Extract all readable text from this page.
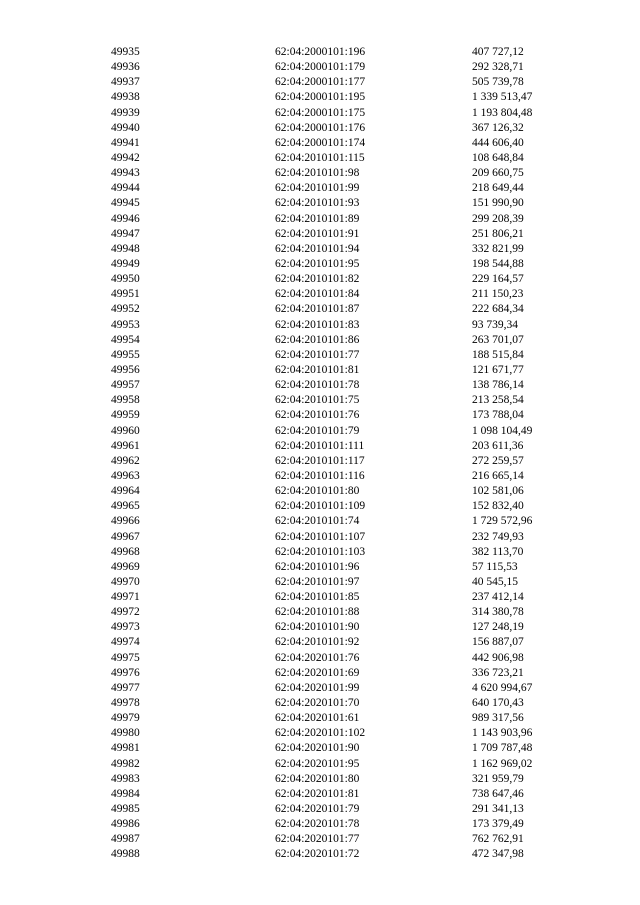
49935	62:04:2000101:196	407 727,12
49936	62:04:2000101:179	292 328,71
49937	62:04:2000101:177	505 739,78
49938	62:04:2000101:195	1 339 513,47
49939	62:04:2000101:175	1 193 804,48
49940	62:04:2000101:176	367 126,32
49941	62:04:2000101:174	444 606,40
49942	62:04:2010101:115	108 648,84
49943	62:04:2010101:98	209 660,75
49944	62:04:2010101:99	218 649,44
49945	62:04:2010101:93	151 990,90
49946	62:04:2010101:89	299 208,39
49947	62:04:2010101:91	251 806,21
49948	62:04:2010101:94	332 821,99
49949	62:04:2010101:95	198 544,88
49950	62:04:2010101:82	229 164,57
49951	62:04:2010101:84	211 150,23
49952	62:04:2010101:87	222 684,34
49953	62:04:2010101:83	93 739,34
49954	62:04:2010101:86	263 701,07
49955	62:04:2010101:77	188 515,84
49956	62:04:2010101:81	121 671,77
49957	62:04:2010101:78	138 786,14
49958	62:04:2010101:75	213 258,54
49959	62:04:2010101:76	173 788,04
49960	62:04:2010101:79	1 098 104,49
49961	62:04:2010101:111	203 611,36
49962	62:04:2010101:117	272 259,57
49963	62:04:2010101:116	216 665,14
49964	62:04:2010101:80	102 581,06
49965	62:04:2010101:109	152 832,40
49966	62:04:2010101:74	1 729 572,96
49967	62:04:2010101:107	232 749,93
49968	62:04:2010101:103	382 113,70
49969	62:04:2010101:96	57 115,53
49970	62:04:2010101:97	40 545,15
49971	62:04:2010101:85	237 412,14
49972	62:04:2010101:88	314 380,78
49973	62:04:2010101:90	127 248,19
49974	62:04:2010101:92	156 887,07
49975	62:04:2020101:76	442 906,98
49976	62:04:2020101:69	336 723,21
49977	62:04:2020101:99	4 620 994,67
49978	62:04:2020101:70	640 170,43
49979	62:04:2020101:61	989 317,56
49980	62:04:2020101:102	1 143 903,96
49981	62:04:2020101:90	1 709 787,48
49982	62:04:2020101:95	1 162 969,02
49983	62:04:2020101:80	321 959,79
49984	62:04:2020101:81	738 647,46
49985	62:04:2020101:79	291 341,13
49986	62:04:2020101:78	173 379,49
49987	62:04:2020101:77	762 762,91
49988	62:04:2020101:72	472 347,98
